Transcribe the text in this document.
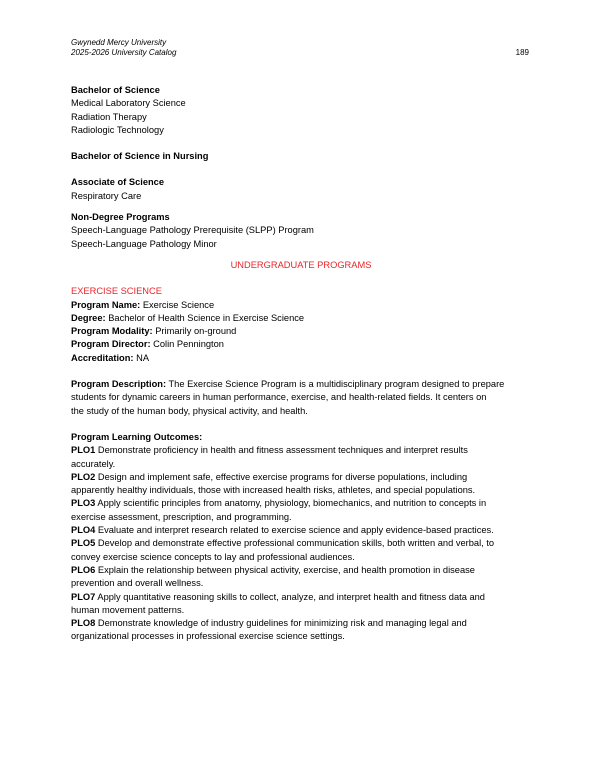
Gwynedd Mercy University
2025-2026 University Catalog	189

Bachelor of Science

Medical Laboratory Science

Radiation Therapy

Radiologic Technology

Bachelor of Science in Nursing

Associate of Science

Respiratory Care

Non-Degree Programs

Speech-Language Pathology Prerequisite (SLPP) Program

Speech-Language Pathology Minor

UNDERGRADUATE PROGRAMS

EXERCISE SCIENCE

Program Name: Exercise Science

Degree: Bachelor of Health Science in Exercise Science

Program Modality: Primarily on-ground

Program Director: Colin Pennington

Accreditation: NA

Program Description: The Exercise Science Program is a multidisciplinary program designed to prepare

students for dynamic careers in human performance, exercise, and health-related fields. It centers on

the study of the human body, physical activity, and health.

Program Learning Outcomes:

PLO1 Demonstrate proficiency in health and fitness assessment techniques and interpret results

accurately.

PLO2 Design and implement safe, effective exercise programs for diverse populations, including

apparently healthy individuals, those with increased health risks, athletes, and special populations.

PLO3 Apply scientific principles from anatomy, physiology, biomechanics, and nutrition to concepts in

exercise assessment, prescription, and programming.

PLO4 Evaluate and interpret research related to exercise science and apply evidence-based practices.

PLO5 Develop and demonstrate effective professional communication skills, both written and verbal, to

convey exercise science concepts to lay and professional audiences.

PLO6 Explain the relationship between physical activity, exercise, and health promotion in disease

prevention and overall wellness.

PLO7 Apply quantitative reasoning skills to collect, analyze, and interpret health and fitness data and

human movement patterns.

PLO8 Demonstrate knowledge of industry guidelines for minimizing risk and managing legal and

organizational processes in professional exercise science settings.
